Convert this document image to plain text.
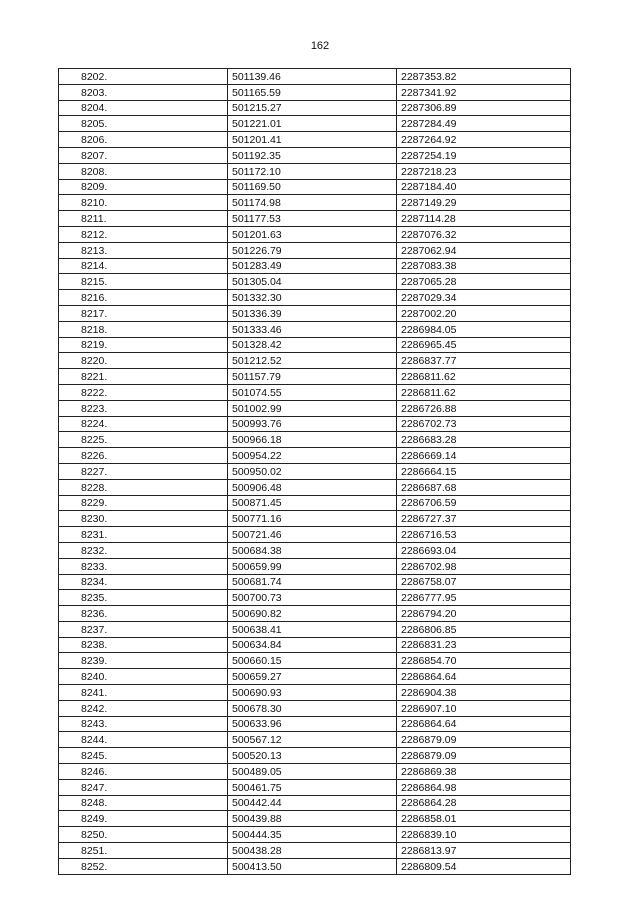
162
8202.	501139.46	2287353.82
8203.	501165.59	2287341.92
8204.	501215.27	2287306.89
8205.	501221.01	2287284.49
8206.	501201.41	2287264.92
8207.	501192.35	2287254.19
8208.	501172.10	2287218.23
8209.	501169.50	2287184.40
8210.	501174.98	2287149.29
8211.	501177.53	2287114.28
8212.	501201.63	2287076.32
8213.	501226.79	2287062.94
8214.	501283.49	2287083.38
8215.	501305.04	2287065.28
8216.	501332.30	2287029.34
8217.	501336.39	2287002.20
8218.	501333.46	2286984.05
8219.	501328.42	2286965.45
8220.	501212.52	2286837.77
8221.	501157.79	2286811.62
8222.	501074.55	2286811.62
8223.	501002.99	2286726.88
8224.	500993.76	2286702.73
8225.	500966.18	2286683.28
8226.	500954.22	2286669.14
8227.	500950.02	2286664.15
8228.	500906.48	2286687.68
8229.	500871.45	2286706.59
8230.	500771.16	2286727.37
8231.	500721.46	2286716.53
8232.	500684.38	2286693.04
8233.	500659.99	2286702.98
8234.	500681.74	2286758.07
8235.	500700.73	2286777.95
8236.	500690.82	2286794.20
8237.	500638.41	2286806.85
8238.	500634.84	2286831.23
8239.	500660.15	2286854.70
8240.	500659.27	2286864.64
8241.	500690.93	2286904.38
8242.	500678.30	2286907.10
8243.	500633.96	2286864.64
8244.	500567.12	2286879.09
8245.	500520.13	2286879.09
8246.	500489.05	2286869.38
8247.	500461.75	2286864.98
8248.	500442.44	2286864.28
8249.	500439.88	2286858.01
8250.	500444.35	2286839.10
8251.	500438.28	2286813.97
8252.	500413.50	2286809.54
